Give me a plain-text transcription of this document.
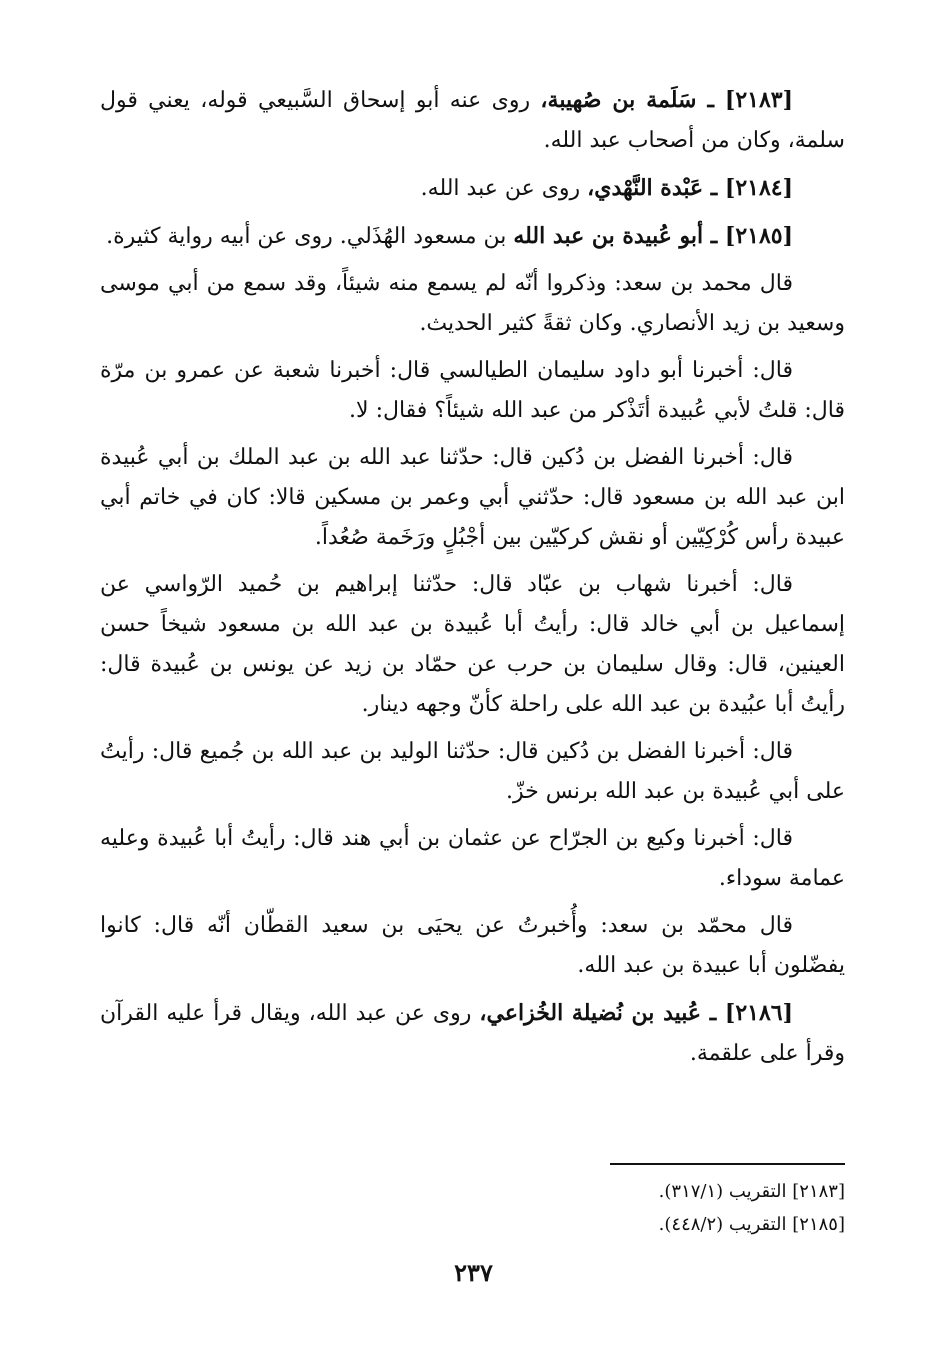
[٢١٨٣] ـ سَلَمة بن صُهيبة، روى عنه أبو إسحاق السَّبيعي قوله، يعني قول سلمة، وكان من أصحاب عبد الله.

[٢١٨٤] ـ عَبْدة النَّهْدي، روى عن عبد الله.

[٢١٨٥] ـ أبو عُبيدة بن عبد الله بن مسعود الهُذَلي. روى عن أبيه رواية كثيرة.

قال محمد بن سعد: وذكروا أنّه لم يسمع منه شيئاً، وقد سمع من أبي موسى وسعيد بن زيد الأنصاري. وكان ثقةً كثير الحديث.

قال: أخبرنا أبو داود سليمان الطيالسي قال: أخبرنا شعبة عن عمرو بن مرّة قال: قلتُ لأبي عُبيدة أتَذْكر من عبد الله شيئاً؟ فقال: لا.

قال: أخبرنا الفضل بن دُكين قال: حدّثنا عبد الله بن عبد الملك بن أبي عُبيدة ابن عبد الله بن مسعود قال: حدّثني أبي وعمر بن مسكين قالا: كان في خاتم أبي عبيدة رأس كُرْكِيّين أو نقش كركيّين بين أجْبُلٍ ورَخَمة صُعُداً.

قال: أخبرنا شهاب بن عبّاد قال: حدّثنا إبراهيم بن حُميد الرّواسي عن إسماعيل بن أبي خالد قال: رأيتُ أبا عُبيدة بن عبد الله بن مسعود شيخاً حسن العينين، قال: وقال سليمان بن حرب عن حمّاد بن زيد عن يونس بن عُبيدة قال: رأيتُ أبا عبُيدة بن عبد الله على راحلة كأنّ وجهه دينار.

قال: أخبرنا الفضل بن دُكين قال: حدّثنا الوليد بن عبد الله بن جُميع قال: رأيتُ على أبي عُبيدة بن عبد الله برنس خزّ.

قال: أخبرنا وكيع بن الجرّاح عن عثمان بن أبي هند قال: رأيتُ أبا عُبيدة وعليه عمامة سوداء.

قال محمّد بن سعد: وأُخبرتُ عن يحيَى بن سعيد القطّان أنّه قال: كانوا يفضّلون أبا عبيدة بن عبد الله.

[٢١٨٦] ـ عُبيد بن نُضيلة الخُزاعي، روى عن عبد الله، ويقال قرأ عليه القرآن وقرأ على علقمة.

[٢١٨٣] التقريب (٣١٧/١).
[٢١٨٥] التقريب (٤٤٨/٢).
٢٣٧
